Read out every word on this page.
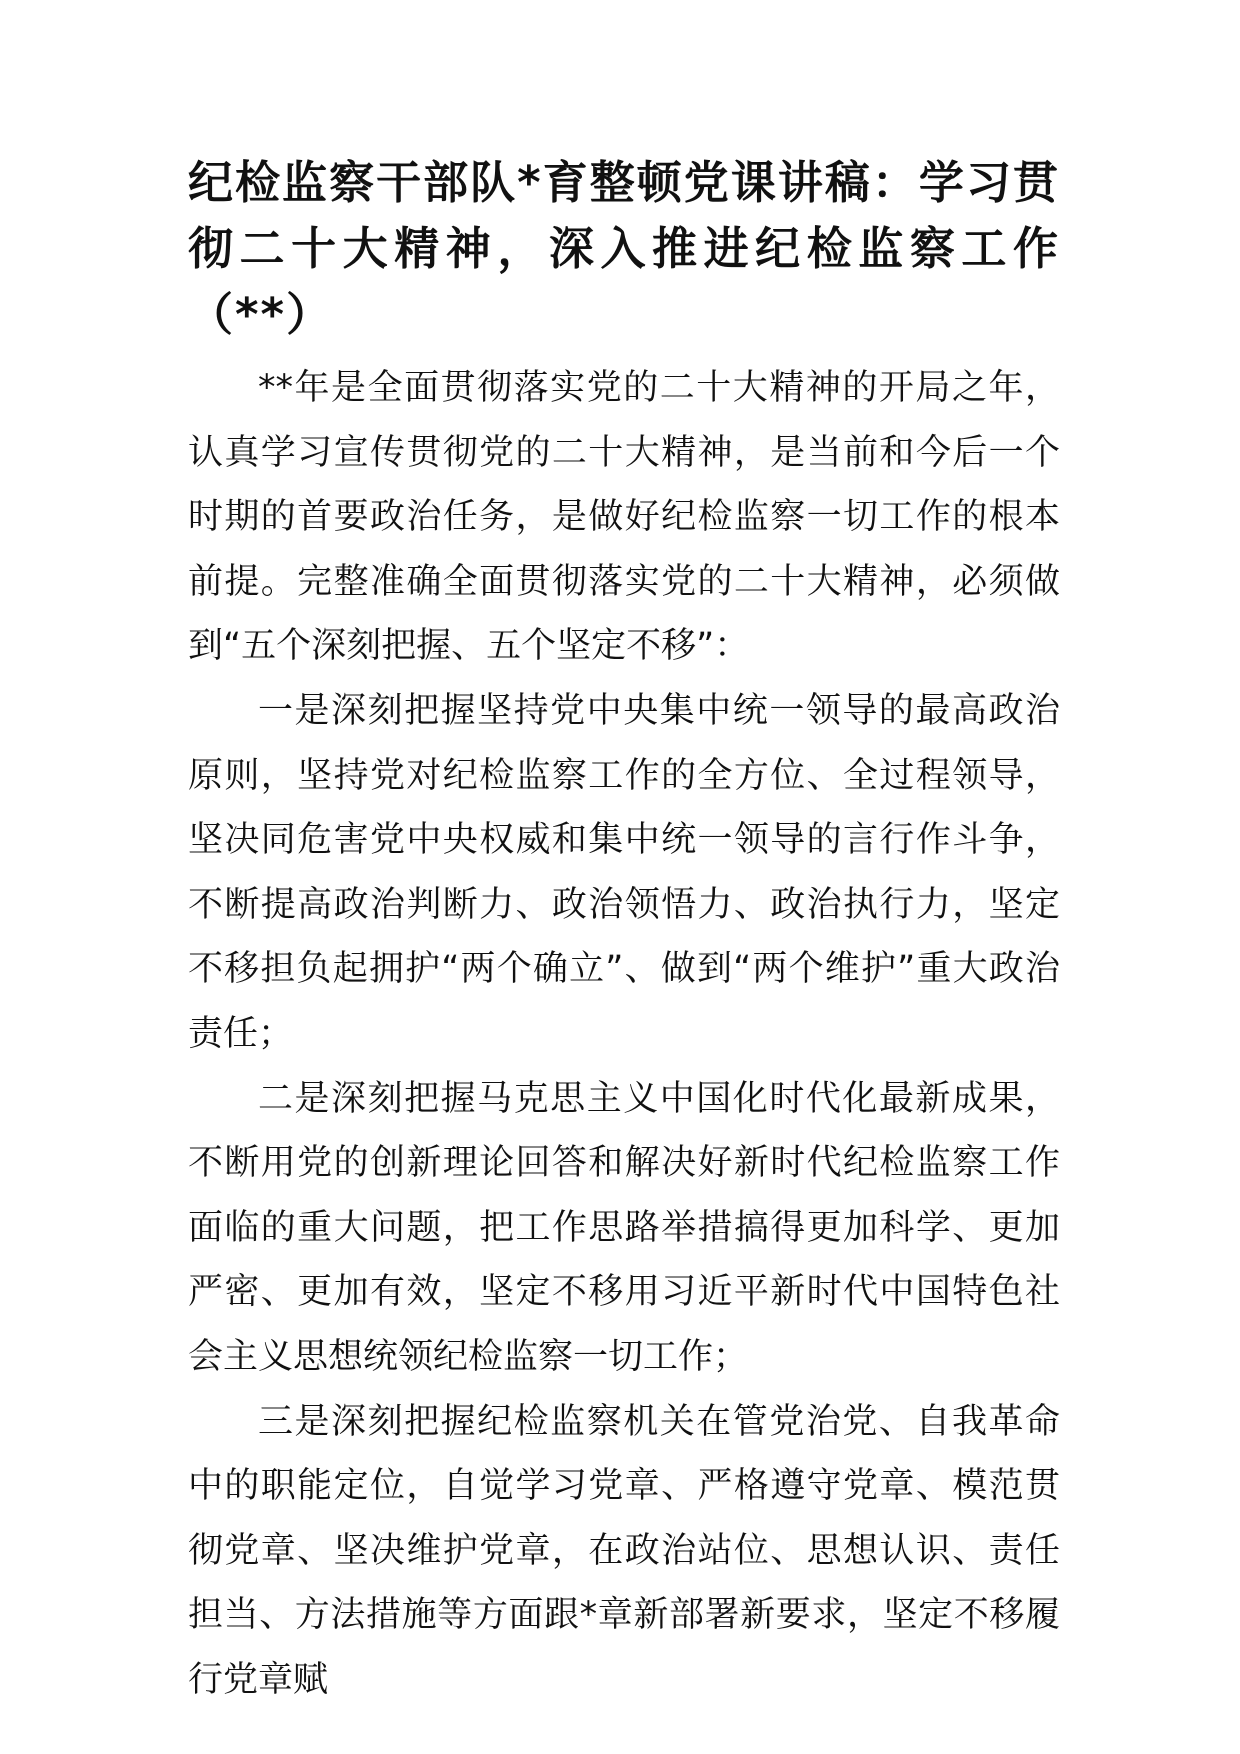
纪检监察干部队*育整顿党课讲稿：学习贯彻二十大精神，深入推进纪检监察工作（**）

**年是全面贯彻落实党的二十大精神的开局之年，认真学习宣传贯彻党的二十大精神，是当前和今后一个时期的首要政治任务，是做好纪检监察一切工作的根本前提。完整准确全面贯彻落实党的二十大精神，必须做到“五个深刻把握、五个坚定不移”：

一是深刻把握坚持党中央集中统一领导的最高政治原则，坚持党对纪检监察工作的全方位、全过程领导，坚决同危害党中央权威和集中统一领导的言行作斗争，不断提高政治判断力、政治领悟力、政治执行力，坚定不移担负起拥护“两个确立”、做到“两个维护”重大政治责任；

二是深刻把握马克思主义中国化时代化最新成果，不断用党的创新理论回答和解决好新时代纪检监察工作面临的重大问题，把工作思路举措搞得更加科学、更加严密、更加有效，坚定不移用习近平新时代中国特色社会主义思想统领纪检监察一切工作；

三是深刻把握纪检监察机关在管党治党、自我革命中的职能定位，自觉学习党章、严格遵守党章、模范贯彻党章、坚决维护党章，在政治站位、思想认识、责任担当、方法措施等方面跟*章新部署新要求，坚定不移履行党章赋
